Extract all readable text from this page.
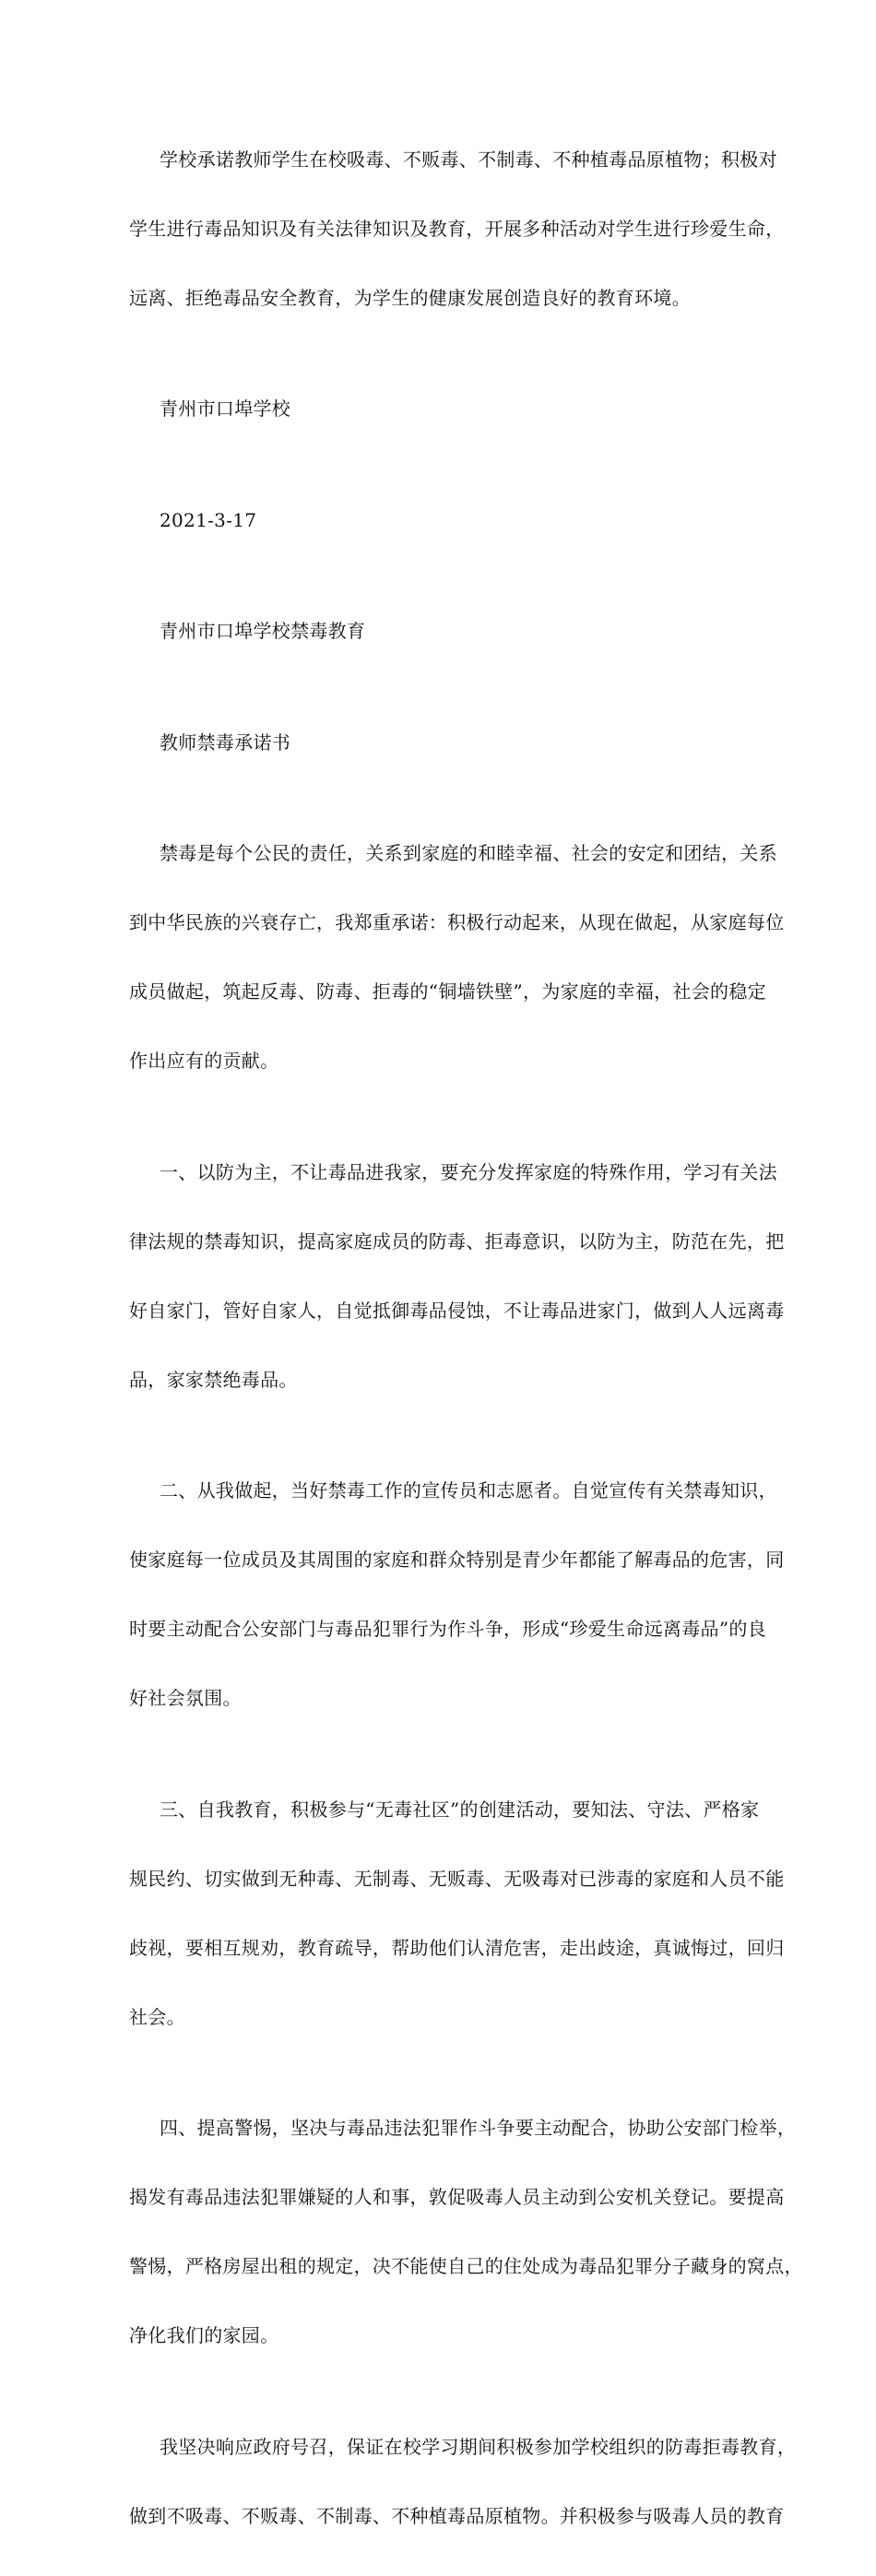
学校承诺教师学生在校吸毒、不贩毒、不制毒、不种植毒品原植物；积极对

学生进行毒品知识及有关法律知识及教育，开展多种活动对学生进行珍爱生命，

远离、拒绝毒品安全教育，为学生的健康发展创造良好的教育环境。

青州市口埠学校

2021-3-17

青州市口埠学校禁毒教育

教师禁毒承诺书

禁毒是每个公民的责任，关系到家庭的和睦幸福、社会的安定和团结，关系

到中华民族的兴衰存亡，我郑重承诺：积极行动起来，从现在做起，从家庭每位

成员做起，筑起反毒、防毒、拒毒的“铜墙铁壁”，为家庭的幸福，社会的稳定

作出应有的贡献。

一、以防为主，不让毒品进我家，要充分发挥家庭的特殊作用，学习有关法

律法规的禁毒知识，提高家庭成员的防毒、拒毒意识，以防为主，防范在先，把

好自家门，管好自家人，自觉抵御毒品侵蚀，不让毒品进家门，做到人人远离毒

品，家家禁绝毒品。

二、从我做起，当好禁毒工作的宣传员和志愿者。自觉宣传有关禁毒知识，

使家庭每一位成员及其周围的家庭和群众特别是青少年都能了解毒品的危害，同

时要主动配合公安部门与毒品犯罪行为作斗争，形成“珍爱生命远离毒品”的良

好社会氛围。

三、自我教育，积极参与“无毒社区”的创建活动，要知法、守法、严格家

规民约、切实做到无种毒、无制毒、无贩毒、无吸毒对已涉毒的家庭和人员不能

歧视，要相互规劝，教育疏导，帮助他们认清危害，走出歧途，真诚悔过，回归

社会。

四、提高警惕，坚决与毒品违法犯罪作斗争要主动配合，协助公安部门检举，

揭发有毒品违法犯罪嫌疑的人和事，敦促吸毒人员主动到公安机关登记。要提高

警惕，严格房屋出租的规定，决不能使自己的住处成为毒品犯罪分子藏身的窝点，

净化我们的家园。

我坚决响应政府号召，保证在校学习期间积极参加学校组织的防毒拒毒教育，

做到不吸毒、不贩毒、不制毒、不种植毒品原植物。并积极参与吸毒人员的教育
